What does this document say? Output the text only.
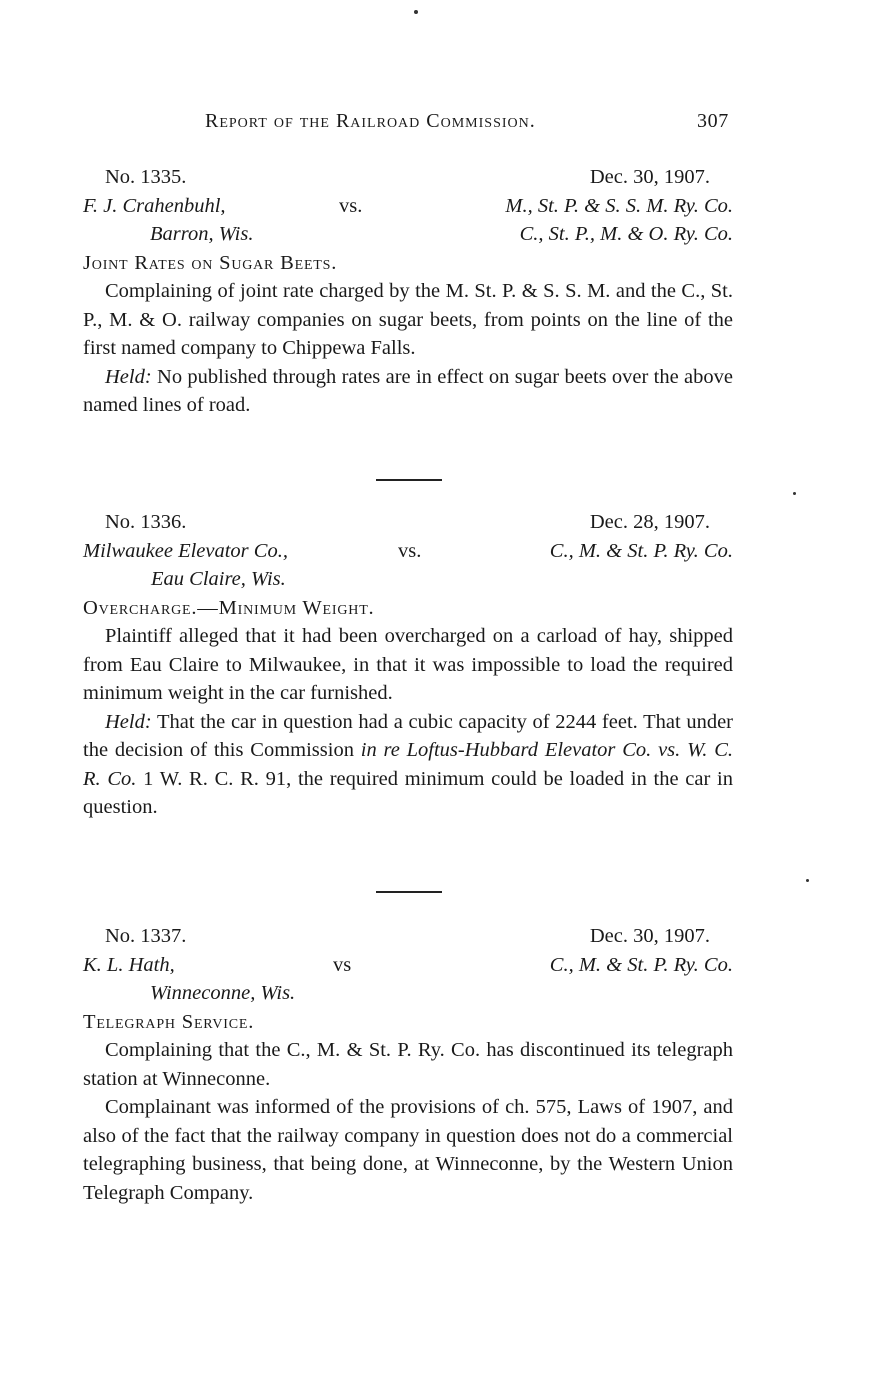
Report of the Railroad Commission.	307
No. 1335.	Dec. 30, 1907.
F. J. Crahenbuhl,	vs.	M., St. P. & S. S. M. Ry. Co.
Barron, Wis.	C., St. P., M. & O. Ry. Co.
Joint Rates on Sugar Beets.

Complaining of joint rate charged by the M. St. P. & S. S. M. and the C., St. P., M. & O. railway companies on sugar beets, from points on the line of the first named company to Chippewa Falls.

Held: No published through rates are in effect on sugar beets over the above named lines of road.

No. 1336.	Dec. 28, 1907.
Milwaukee Elevator Co.,	vs.	C., M. & St. P. Ry. Co.
Eau Claire, Wis.
Overcharge.—Minimum Weight.

Plaintiff alleged that it had been overcharged on a carload of hay, shipped from Eau Claire to Milwaukee, in that it was impossible to load the required minimum weight in the car furnished.

Held: That the car in question had a cubic capacity of 2244 feet. That under the decision of this Commission in re Loftus-Hubbard Elevator Co. vs. W. C. R. Co. 1 W. R. C. R. 91, the required minimum could be loaded in the car in question.

No. 1337.	Dec. 30, 1907.
K. L. Hath,	vs	C., M. & St. P. Ry. Co.
Winneconne, Wis.
Telegraph Service.

Complaining that the C., M. & St. P. Ry. Co. has discontinued its telegraph station at Winneconne.

Complainant was informed of the provisions of ch. 575, Laws of 1907, and also of the fact that the railway company in question does not do a commercial telegraphing business, that being done, at Winneconne, by the Western Union Telegraph Company.
